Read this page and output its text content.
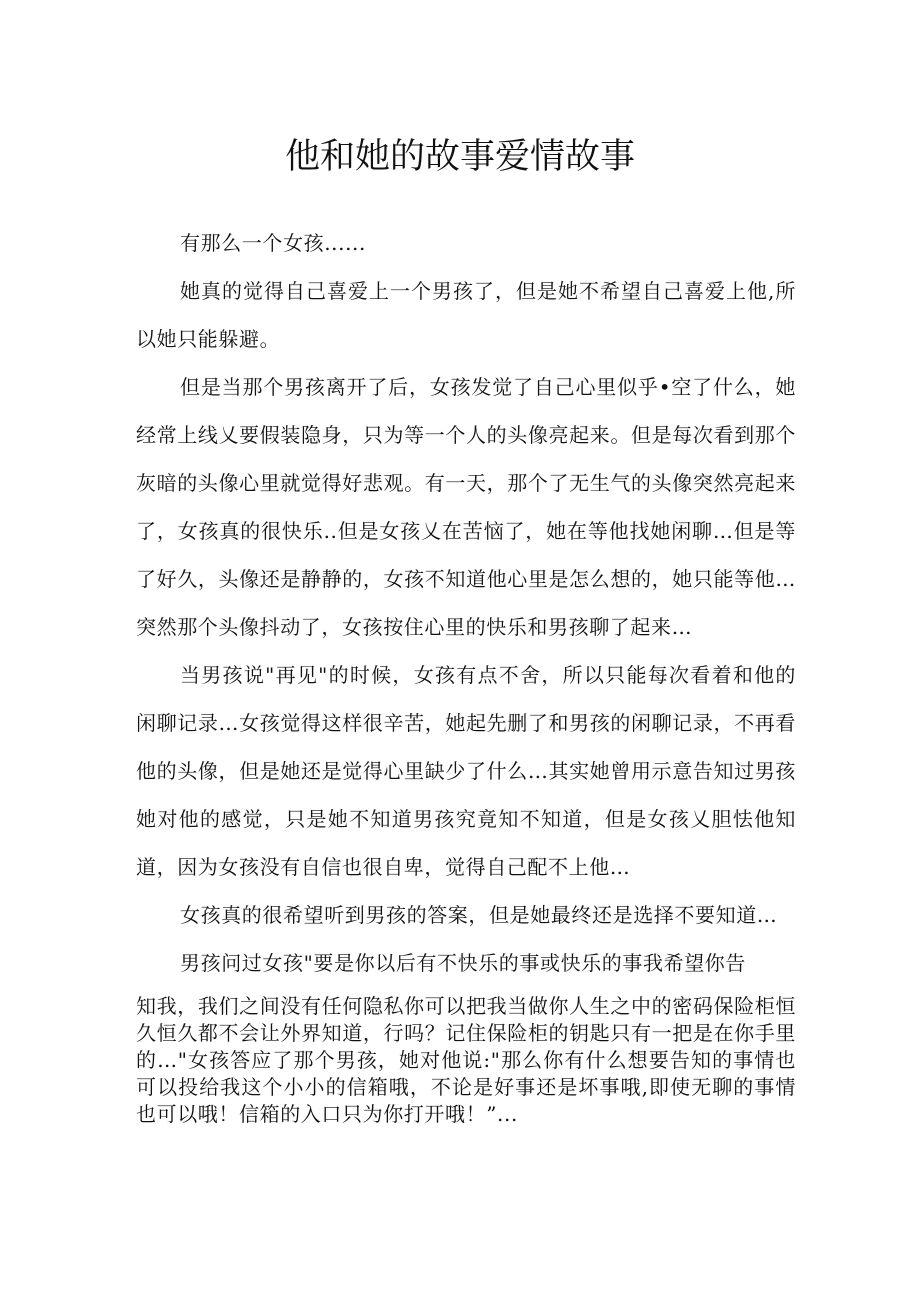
他和她的故事爱情故事

有那么一个女孩......

她真的觉得自己喜爱上一个男孩了，但是她不希望自己喜爱上他,所以她只能躲避。

但是当那个男孩离开了后，女孩发觉了自己心里似乎•空了什么，她经常上线乂要假装隐身，只为等一个人的头像亮起来。但是每次看到那个灰暗的头像心里就觉得好悲观。有一天，那个了无生气的头像突然亮起来了，女孩真的很快乐..但是女孩乂在苦恼了，她在等他找她闲聊…但是等了好久，头像还是静静的，女孩不知道他心里是怎么想的，她只能等他…突然那个头像抖动了，女孩按住心里的快乐和男孩聊了起来…

当男孩说"再见"的时候，女孩有点不舍，所以只能每次看着和他的闲聊记录…女孩觉得这样很辛苦，她起先删了和男孩的闲聊记录，不再看他的头像，但是她还是觉得心里缺少了什么…其实她曾用示意告知过男孩她对他的感觉，只是她不知道男孩究竟知不知道，但是女孩乂胆怯他知道，因为女孩没有自信也很自卑，觉得自己配不上他…

女孩真的很希望听到男孩的答案，但是她最终还是选择不要知道…

男孩问过女孩"要是你以后有不快乐的事或快乐的事我希望你告

知我，我们之间没有任何隐私你可以把我当做你人生之中的密码保险柜恒久恒久都不会让外界知道，行吗？记住保险柜的钥匙只有一把是在你手里的…"女孩答应了那个男孩，她对他说:"那么你有什么想要告知的事情也可以投给我这个小小的信箱哦，不论是好事还是坏事哦,即使无聊的事情也可以哦！信箱的入口只为你打开哦！”...
